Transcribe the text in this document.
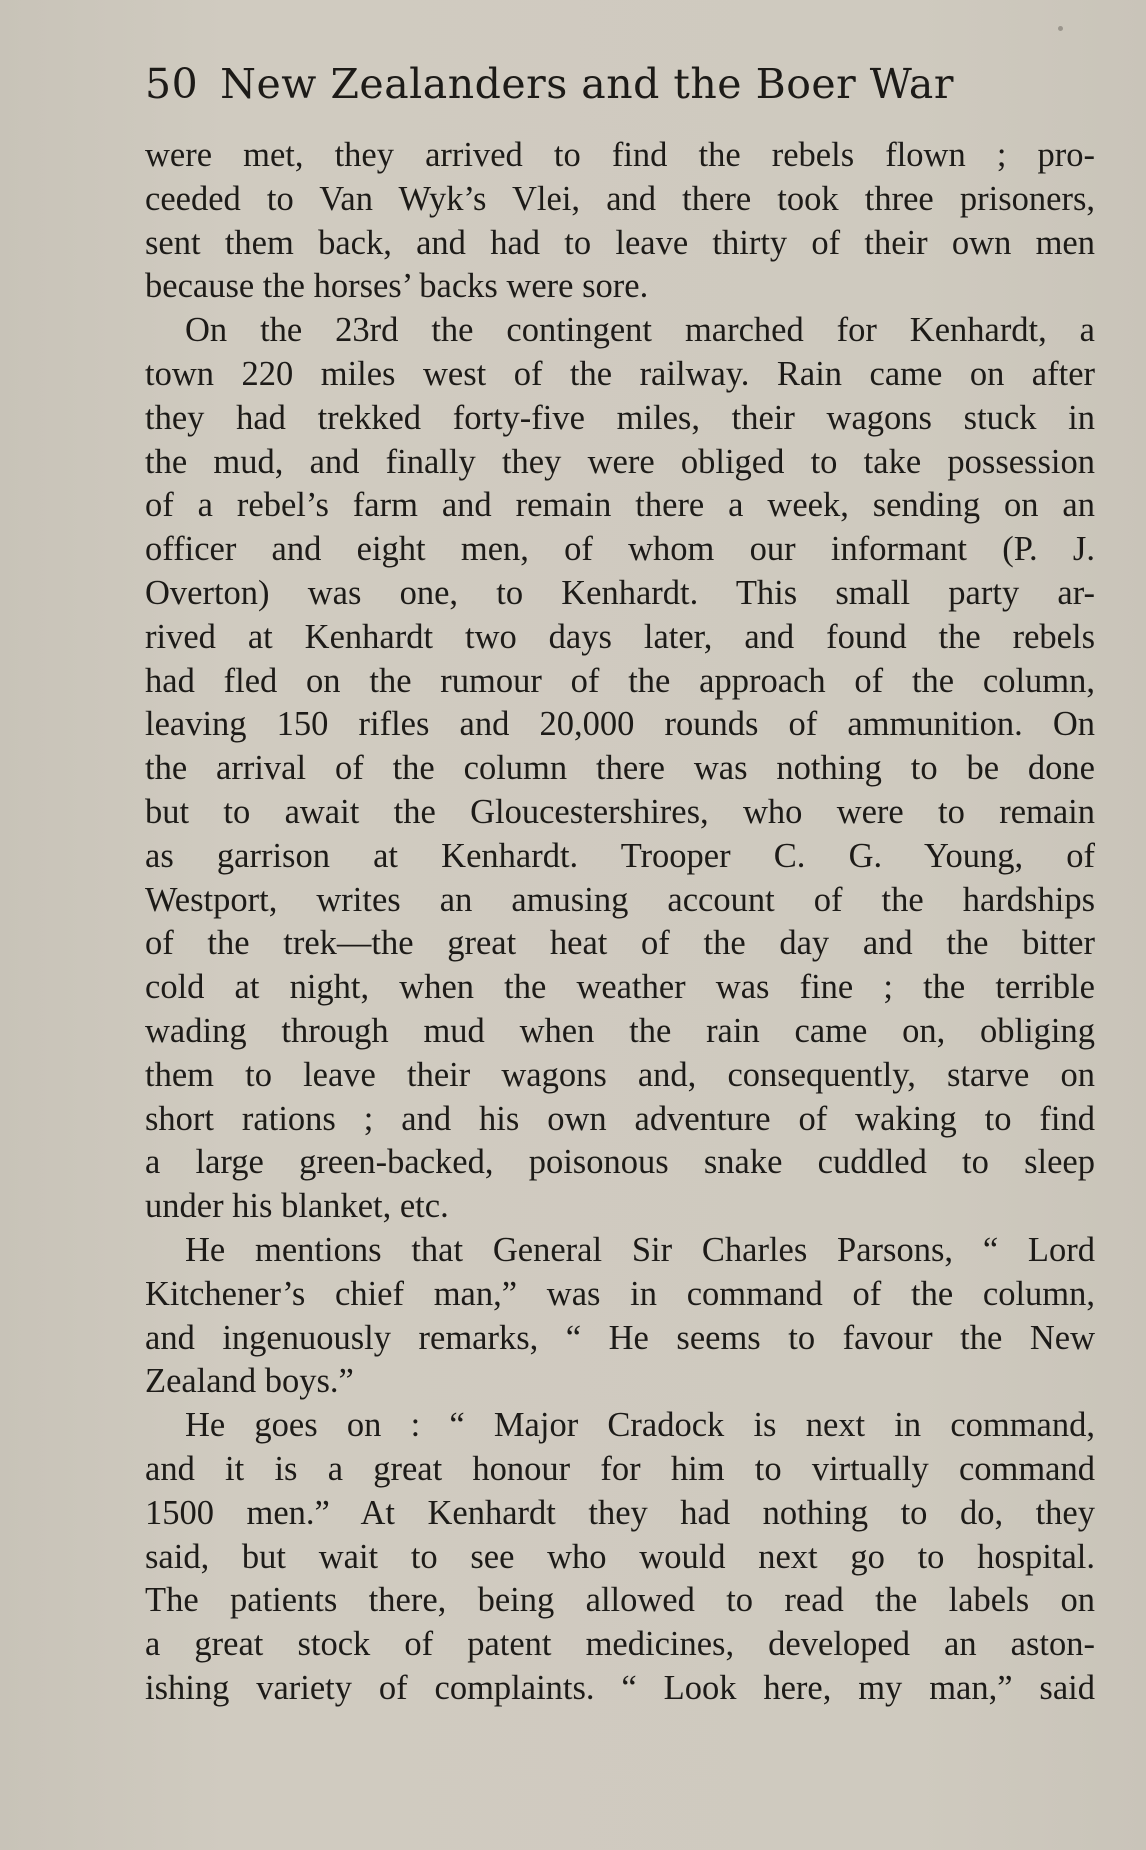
50 New Zealanders and the Boer War
were met, they arrived to find the rebels flown ; pro-
ceeded to Van Wyk’s Vlei, and there took three prisoners,
sent them back, and had to leave thirty of their own men
because the horses’ backs were sore.
On the 23rd the contingent marched for Kenhardt, a
town 220 miles west of the railway. Rain came on after
they had trekked forty-five miles, their wagons stuck in
the mud, and finally they were obliged to take possession
of a rebel’s farm and remain there a week, sending on an
officer and eight men, of whom our informant (P. J.
Overton) was one, to Kenhardt. This small party ar-
rived at Kenhardt two days later, and found the rebels
had fled on the rumour of the approach of the column,
leaving 150 rifles and 20,000 rounds of ammunition. On
the arrival of the column there was nothing to be done
but to await the Gloucestershires, who were to remain
as garrison at Kenhardt. Trooper C. G. Young, of
Westport, writes an amusing account of the hardships
of the trek—the great heat of the day and the bitter
cold at night, when the weather was fine ; the terrible
wading through mud when the rain came on, obliging
them to leave their wagons and, consequently, starve on
short rations ; and his own adventure of waking to find
a large green-backed, poisonous snake cuddled to sleep
under his blanket, etc.
He mentions that General Sir Charles Parsons, “ Lord
Kitchener’s chief man,” was in command of the column,
and ingenuously remarks, “ He seems to favour the New
Zealand boys.”
He goes on : “ Major Cradock is next in command,
and it is a great honour for him to virtually command
1500 men.” At Kenhardt they had nothing to do, they
said, but wait to see who would next go to hospital.
The patients there, being allowed to read the labels on
a great stock of patent medicines, developed an aston-
ishing variety of complaints. “ Look here, my man,” said
